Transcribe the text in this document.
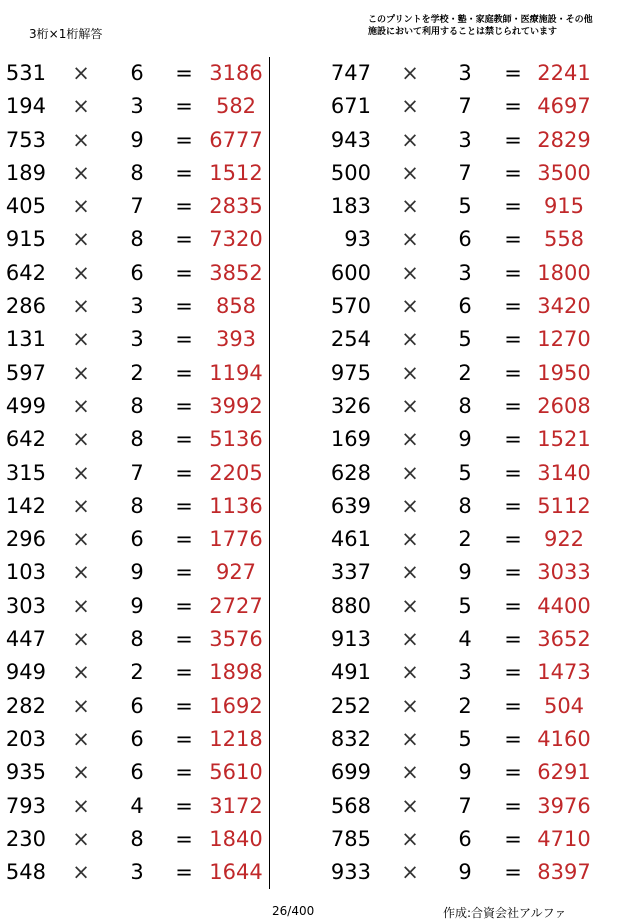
3桁×1桁解答
このプリントを学校・塾・家庭教師・医療施設・その他
施設において利用することは禁じられています
531 × 6 = 3186
194 × 3 =	582
753 × 9 = 6777
189 × 8 = 1512
405 × 7 = 2835
915 × 8 = 7320
642 × 6 = 3852
286 × 3 =	858
131 × 3 =	393
597 × 2 = 1194
499 × 8 = 3992
642 × 8 = 5136
315 × 7 = 2205
142 × 8 = 1136
296 × 6 = 1776
103 × 9 =	927
303 × 9 = 2727
447 × 8 = 3576
949 × 2 = 1898
282 × 6 = 1692
203 × 6 = 1218
935 × 6 = 5610
793 × 4 = 3172
230 × 8 = 1840
548 × 3 = 1644
747 × 3 = 2241
671 × 7 = 4697
943 × 3 = 2829
500 × 7 = 3500
183 × 5 =	915
93 × 6 =	558
600 × 3 = 1800
570 × 6 = 3420
254 × 5 = 1270
975 × 2 = 1950
326 × 8 = 2608
169 × 9 = 1521
628 × 5 = 3140
639 × 8 = 5112
461 × 2 =	922
337 × 9 = 3033
880 × 5 = 4400
913 × 4 = 3652
491 × 3 = 1473
252 × 2 =	504
832 × 5 = 4160
699 × 9 = 6291
568 × 7 = 3976
785 × 6 = 4710
933 × 9 = 8397
26/400	作成:合資会社アルファ
